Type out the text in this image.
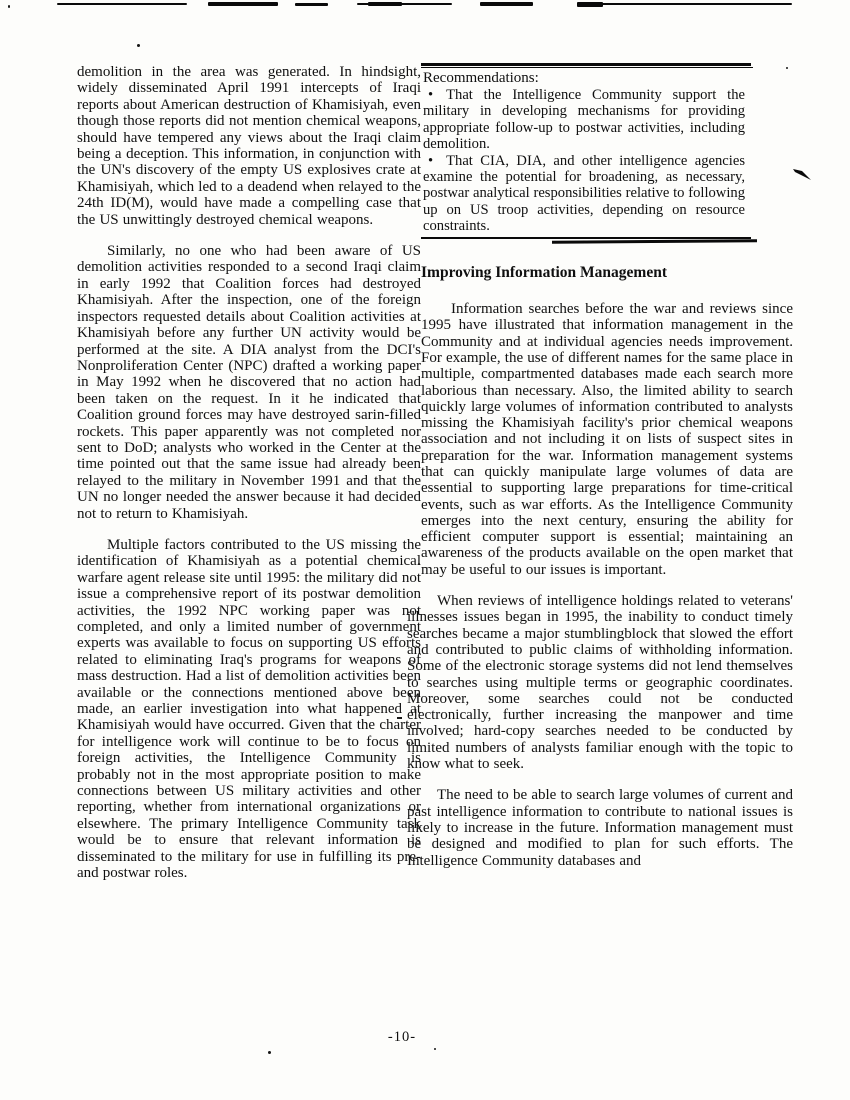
demolition in the area was generated. In hindsight, widely disseminated April 1991 intercepts of Iraqi reports about American destruction of Khamisiyah, even though those reports did not mention chemical weapons, should have tempered any views about the Iraqi claim being a deception. This information, in conjunction with the UN's discovery of the empty US explosives crate at Khamisiyah, which led to a deadend when relayed to the 24th ID(M), would have made a compelling case that the US unwittingly destroyed chemical weapons.

Similarly, no one who had been aware of US demolition activities responded to a second Iraqi claim in early 1992 that Coalition forces had destroyed Khamisiyah. After the inspection, one of the foreign inspectors requested details about Coalition activities at Khamisiyah before any further UN activity would be performed at the site. A DIA analyst from the DCI's Nonproliferation Center (NPC) drafted a working paper in May 1992 when he discovered that no action had been taken on the request. In it he indicated that Coalition ground forces may have destroyed sarin-filled rockets. This paper apparently was not completed nor sent to DoD; analysts who worked in the Center at the time pointed out that the same issue had already been relayed to the military in November 1991 and that the UN no longer needed the answer because it had decided not to return to Khamisiyah.

Multiple factors contributed to the US missing the identification of Khamisiyah as a potential chemical warfare agent release site until 1995: the military did not issue a comprehensive report of its postwar demolition activities, the 1992 NPC working paper was not completed, and only a limited number of government experts was available to focus on supporting US efforts related to eliminating Iraq's programs for weapons of mass destruction. Had a list of demolition activities been available or the connections mentioned above been made, an earlier investigation into what happened at Khamisiyah would have occurred. Given that the charter for intelligence work will continue to be to focus on foreign activities, the Intelligence Community is probably not in the most appropriate position to make connections between US military activities and other reporting, whether from international organizations or elsewhere. The primary Intelligence Community task would be to ensure that relevant information is disseminated to the military for use in fulfilling its pre- and postwar roles.

Recommendations:
• That the Intelligence Community support the military in developing mechanisms for providing appropriate follow-up to postwar activities, including demolition.
• That CIA, DIA, and other intelligence agencies examine the potential for broadening, as necessary, postwar analytical responsibilities relative to following up on US troop activities, depending on resource constraints.
Improving Information Management

Information searches before the war and reviews since 1995 have illustrated that information management in the Community and at individual agencies needs improvement. For example, the use of different names for the same place in multiple, compartmented databases made each search more laborious than necessary. Also, the limited ability to search quickly large volumes of information contributed to analysts missing the Khamisiyah facility's prior chemical weapons association and not including it on lists of suspect sites in preparation for the war. Information management systems that can quickly manipulate large volumes of data are essential to supporting large preparations for time-critical events, such as war efforts. As the Intelligence Community emerges into the next century, ensuring the ability for efficient computer support is essential; maintaining an awareness of the products available on the open market that may be useful to our issues is important.

When reviews of intelligence holdings related to veterans' illnesses issues began in 1995, the inability to conduct timely searches became a major stumblingblock that slowed the effort and contributed to public claims of withholding information. Some of the electronic storage systems did not lend themselves to searches using multiple terms or geographic coordinates. Moreover, some searches could not be conducted electronically, further increasing the manpower and time involved; hard-copy searches needed to be conducted by limited numbers of analysts familiar enough with the topic to know what to seek.

The need to be able to search large volumes of current and past intelligence information to contribute to national issues is likely to increase in the future. Information management must be designed and modified to plan for such efforts. The Intelligence Community databases and

-10-
